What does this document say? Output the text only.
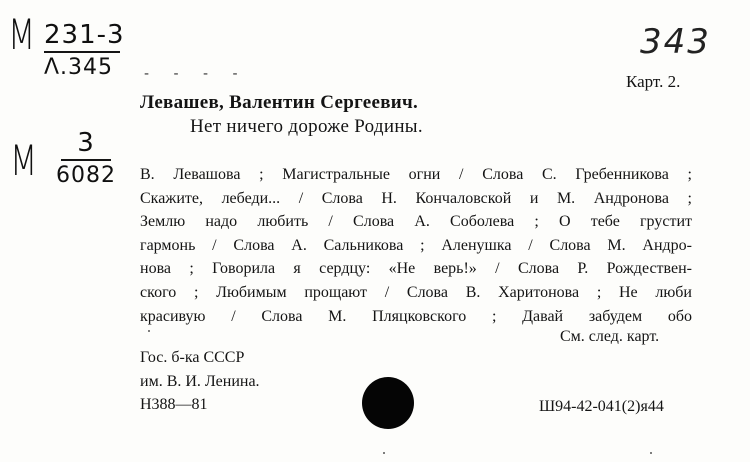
М 231-3
Λ.345
М 3
6082
- - - -
343
Карт. 2.
Левашев, Валентин Сергеевич.
Нет ничего дороже Родины.
В. Левашова ; Магистральные огни / Слова С. Гребенникова ;
Скажите, лебеди... / Слова Н. Кончаловской и М. Андронова ;
Землю надо любить / Слова А. Соболева ; О тебе грустит
гармонь / Слова А. Сальникова ; Аленушка / Слова М. Андро-
нова ; Говорила я сердцу: «Не верь!» / Слова Р. Рождествен-
ского ; Любимым прощают / Слова В. Харитонова ; Не люби
красивую / Слова М. Пляцковского ; Давай забудем обо
См. след. карт.
Гос. б-ка СССР
им. В. И. Ленина.
Н388—81	Ш94-42-041(2)я44
